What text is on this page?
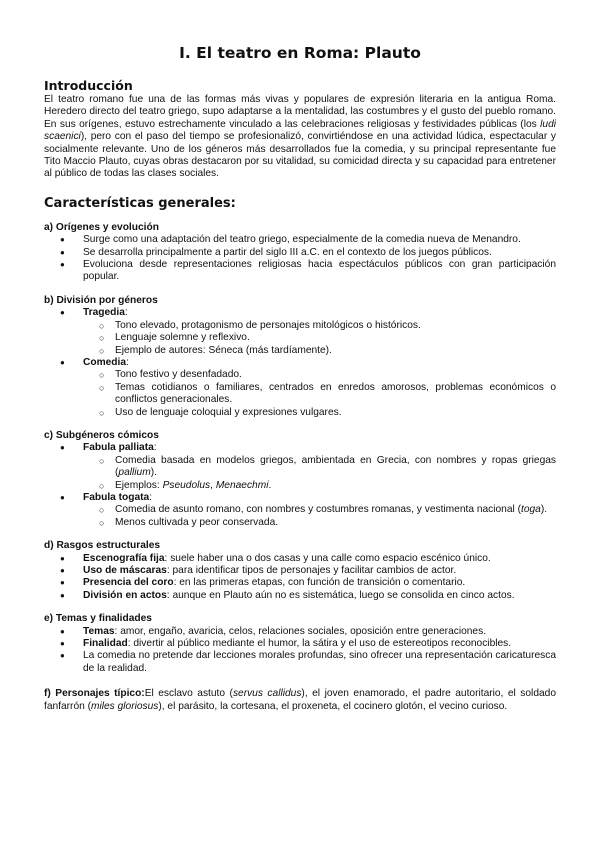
I. El teatro en Roma: Plauto
Introducción

El teatro romano fue una de las formas más vivas y populares de expresión literaria en la antigua Roma. Heredero directo del teatro griego, supo adaptarse a la mentalidad, las costumbres y el gusto del pueblo romano. En sus orígenes, estuvo estrechamente vinculado a las celebraciones religiosas y festividades públicas (los ludi scaenici), pero con el paso del tiempo se profesionalizó, convirtiéndose en una actividad lúdica, espectacular y socialmente relevante. Uno de los géneros más desarrollados fue la comedia, y su principal representante fue Tito Maccio Plauto, cuyas obras destacaron por su vitalidad, su comicidad directa y su capacidad para entretener al público de todas las clases sociales.

Características generales:
a) Orígenes y evolución
● Surge como una adaptación del teatro griego, especialmente de la comedia nueva de Menandro.
● Se desarrolla principalmente a partir del siglo III a.C. en el contexto de los juegos públicos.
● Evoluciona desde representaciones religiosas hacia espectáculos públicos con gran participación popular.
b) División por géneros
● Tragedia:
○ Tono elevado, protagonismo de personajes mitológicos o históricos.
○ Lenguaje solemne y reflexivo.
○ Ejemplo de autores: Séneca (más tardíamente).
● Comedia:
○ Tono festivo y desenfadado.
○ Temas cotidianos o familiares, centrados en enredos amorosos, problemas económicos o conflictos generacionales.
○ Uso de lenguaje coloquial y expresiones vulgares.
c) Subgéneros cómicos
● Fabula palliata:
○ Comedia basada en modelos griegos, ambientada en Grecia, con nombres y ropas griegas (pallium).
○ Ejemplos: Pseudolus, Menaechmi.
● Fabula togata:
○ Comedia de asunto romano, con nombres y costumbres romanas, y vestimenta nacional (toga).
○ Menos cultivada y peor conservada.
d) Rasgos estructurales
● Escenografía fija: suele haber una o dos casas y una calle como espacio escénico único.
● Uso de máscaras: para identificar tipos de personajes y facilitar cambios de actor.
● Presencia del coro: en las primeras etapas, con función de transición o comentario.
● División en actos: aunque en Plauto aún no es sistemática, luego se consolida en cinco actos.
e) Temas y finalidades
● Temas: amor, engaño, avaricia, celos, relaciones sociales, oposición entre generaciones.
● Finalidad: divertir al público mediante el humor, la sátira y el uso de estereotipos reconocibles.
● La comedia no pretende dar lecciones morales profundas, sino ofrecer una representación caricaturesca de la realidad.

f) Personajes típico:El esclavo astuto (servus callidus), el joven enamorado, el padre autoritario, el soldado fanfarrón (miles gloriosus), el parásito, la cortesana, el proxeneta, el cocinero glotón, el vecino curioso.
